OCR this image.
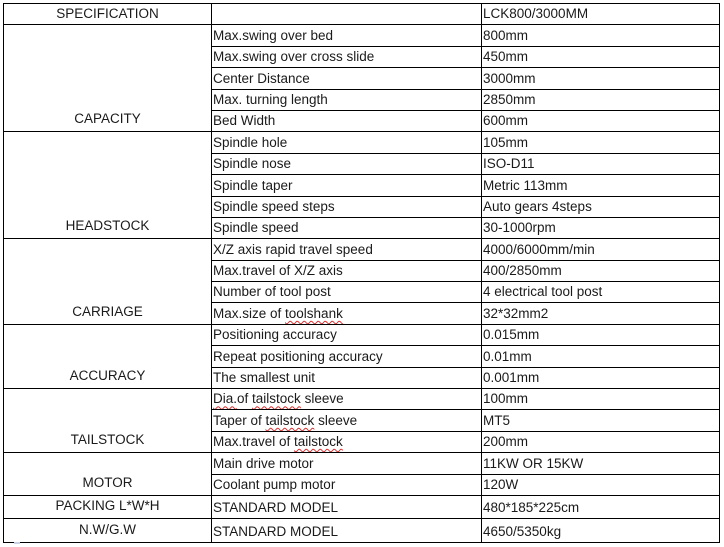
SPECIFICATION		LCK800/3000MM
CAPACITY	Max.swing over bed	800mm
	Max.swing over cross slide	450mm
	Center Distance	3000mm
	Max. turning length	2850mm
	Bed Width	600mm
HEADSTOCK	Spindle hole	105mm
	Spindle nose	ISO-D11
	Spindle taper	Metric 113mm
	Spindle speed steps	Auto gears 4steps
	Spindle speed	30-1000rpm
CARRIAGE	X/Z axis rapid travel speed	4000/6000mm/min
	Max.travel of X/Z axis	400/2850mm
	Number of tool post	4 electrical tool post
	Max.size of toolshank	32*32mm2
ACCURACY	Positioning accuracy	0.015mm
	Repeat positioning accuracy	0.01mm
	The smallest unit	0.001mm
TAILSTOCK	Dia.of tailstock sleeve	100mm
	Taper of tailstock sleeve	MT5
	Max.travel of tailstock	200mm
MOTOR	Main drive motor	11KW OR 15KW
	Coolant pump motor	120W
PACKING L*W*H	STANDARD MODEL	480*185*225cm
N.W/G.W	STANDARD MODEL	4650/5350kg
